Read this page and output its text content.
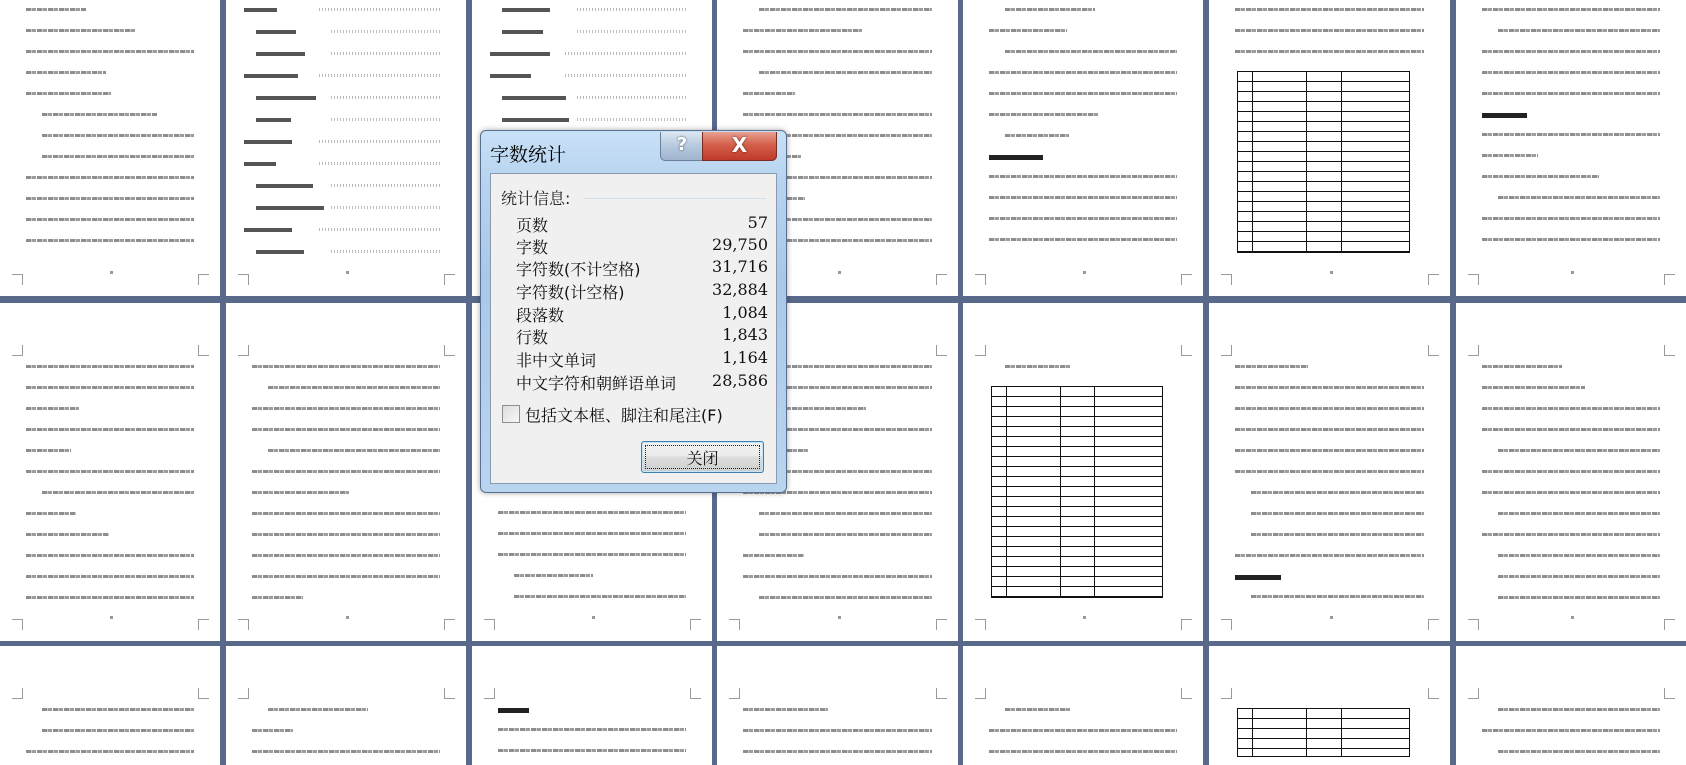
字数统计	?	X
统计信息:
页数	57
字数	29,750
字符数(不计空格)	31,716
字符数(计空格)	32,884
段落数	1,084
行数	1,843
非中文单词	1,164
中文字符和朝鲜语单词 28,586
包括文本框、脚注和尾注(F)
关闭
